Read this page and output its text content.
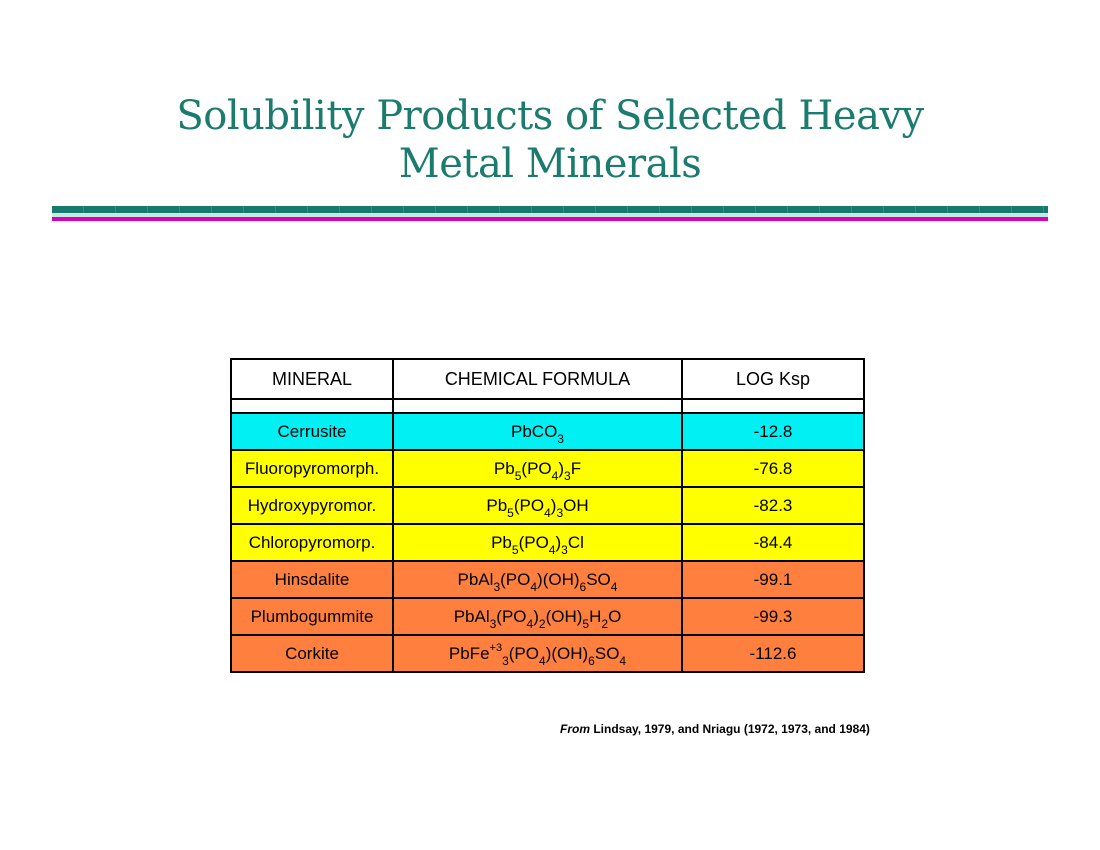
Solubility Products of Selected Heavy
Metal Minerals
MINERAL	CHEMICAL FORMULA	LOG Ksp

Cerrusite	PbCO$_3$	-12.8
Fluoropyromorph.	$Pb_5(PO_4)_3F$	-76.8
Hydroxypyromor.	$Pb_5(PO_4)_3OH$	-82.3
Chloropyromorp.	$Pb_5(PO_4)_3Cl$	-84.4
Hinsdalite	$PbAl_3(PO_4)(OH)_6SO_4$	-99.1
Plumbogummite	$PbAl_3(PO_4)_2(OH)_5H_2O$	-99.3
Corkite	$PbFe^{+3}_3(PO_4)(OH)_6SO_4$	-112.6
From Lindsay, 1979, and Nriagu (1972, 1973, and 1984)
